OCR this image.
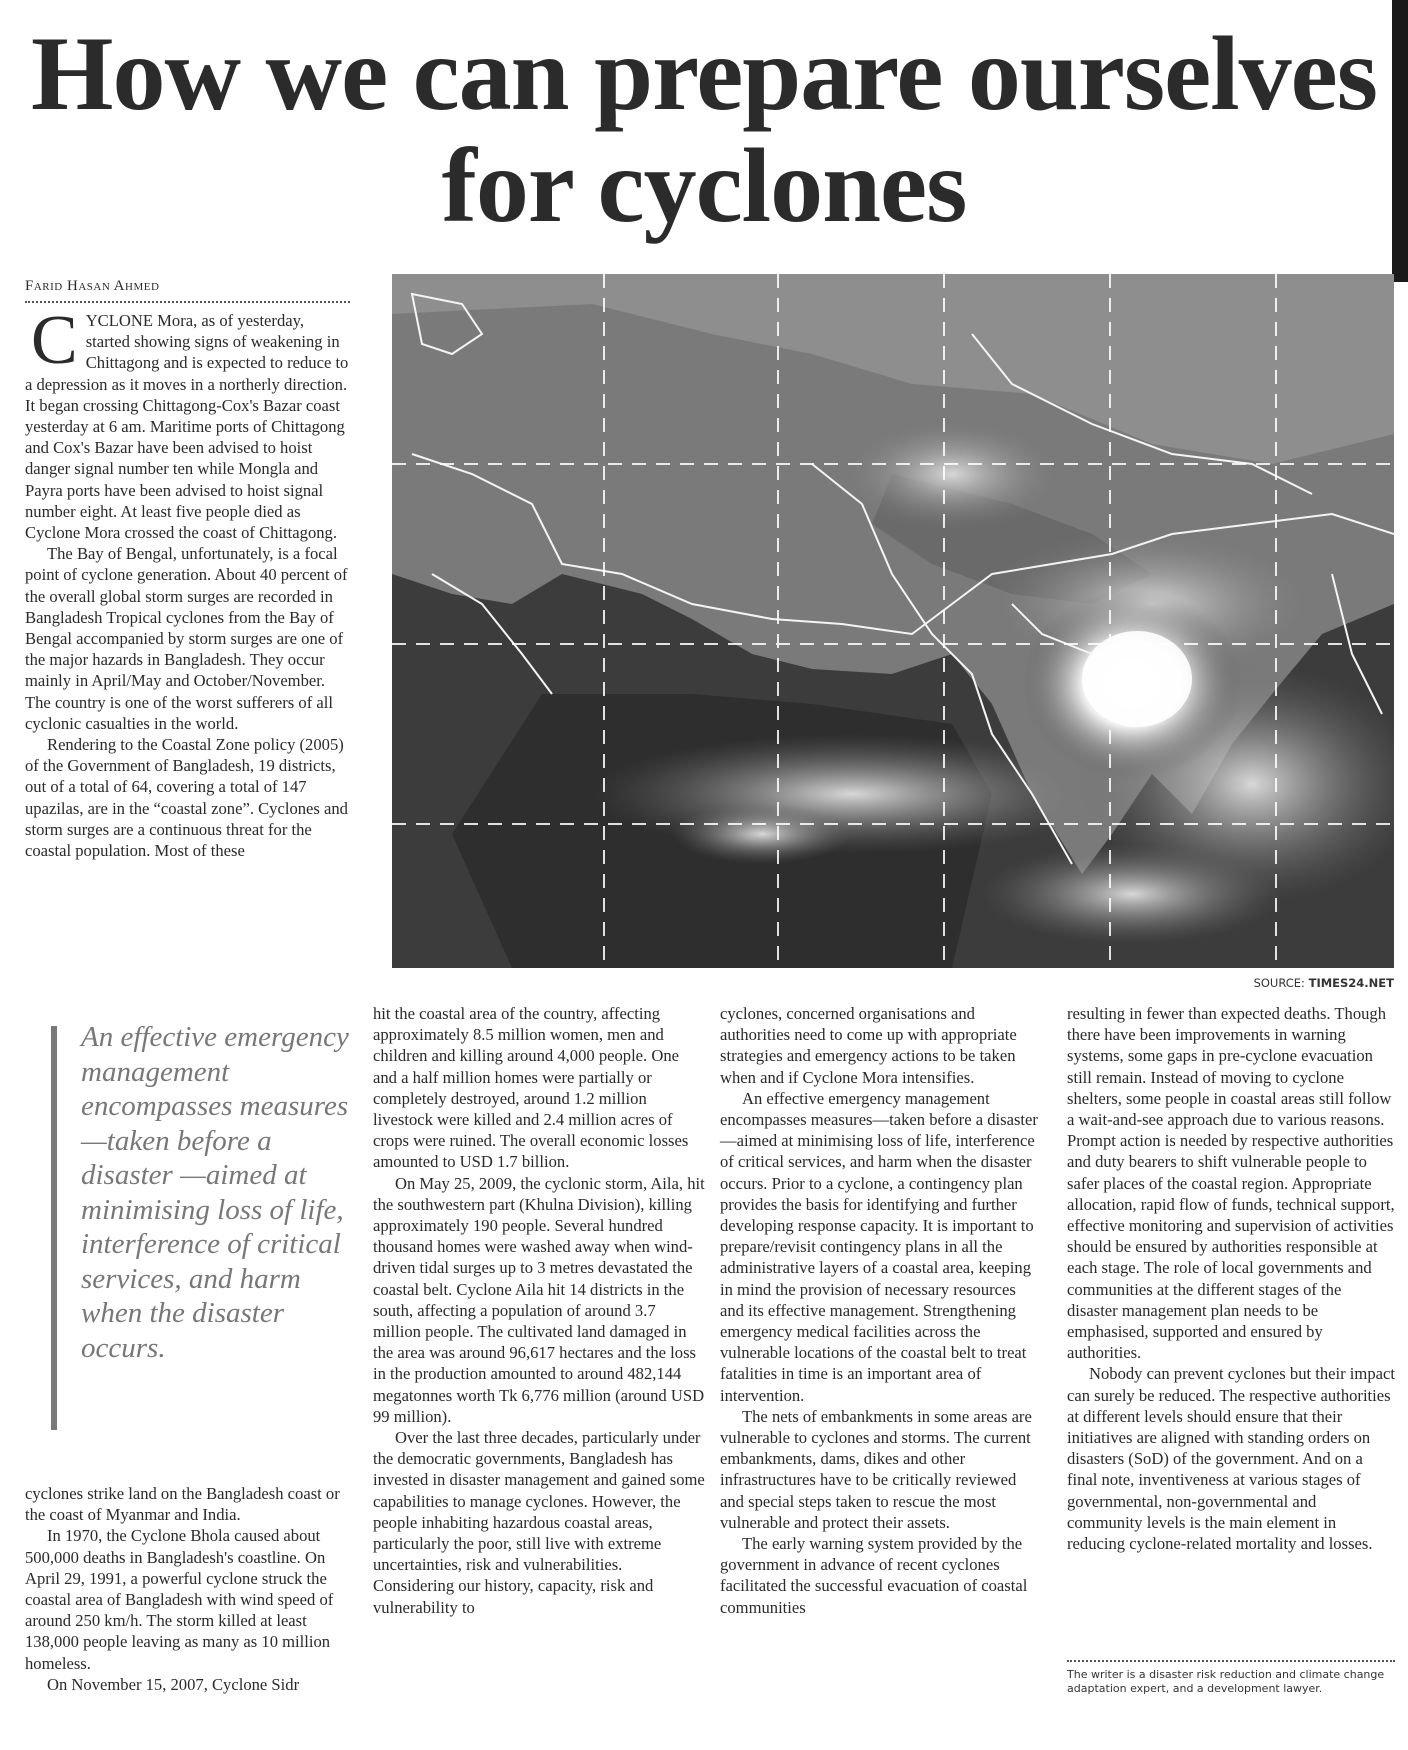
How we can prepare ourselves
for cyclones
Farid Hasan Ahmed

CYCLONE Mora, as of yesterday, started showing signs of weakening in Chittagong and is expected to reduce to a depression as it moves in a northerly direction. It began crossing Chittagong-Cox's Bazar coast yesterday at 6 am. Maritime ports of Chittagong and Cox's Bazar have been advised to hoist danger signal number ten while Mongla and Payra ports have been advised to hoist signal number eight. At least five people died as Cyclone Mora crossed the coast of Chittagong.

The Bay of Bengal, unfortunately, is a focal point of cyclone generation. About 40 percent of the overall global storm surges are recorded in Bangladesh Tropical cyclones from the Bay of Bengal accompanied by storm surges are one of the major hazards in Bangladesh. They occur mainly in April/May and October/November. The country is one of the worst sufferers of all cyclonic casualties in the world.

Rendering to the Coastal Zone policy (2005) of the Government of Bangladesh, 19 districts, out of a total of 64, covering a total of 147 upazilas, are in the “coastal zone”. Cyclones and storm surges are a continuous threat for the coastal population. Most of these

SOURCE: TIMES24.NET
An effective emergency management encompasses measures—taken before a disaster —aimed at minimising loss of life, interference of critical services, and harm when the disaster occurs.

cyclones strike land on the Bangladesh coast or the coast of Myanmar and India.

In 1970, the Cyclone Bhola caused about 500,000 deaths in Bangladesh's coastline. On April 29, 1991, a powerful cyclone struck the coastal area of Bangladesh with wind speed of around 250 km/h. The storm killed at least 138,000 people leaving as many as 10 million homeless.

On November 15, 2007, Cyclone Sidr

hit the coastal area of the country, affecting approximately 8.5 million women, men and children and killing around 4,000 people. One and a half million homes were partially or completely destroyed, around 1.2 million livestock were killed and 2.4 million acres of crops were ruined. The overall economic losses amounted to USD 1.7 billion.

On May 25, 2009, the cyclonic storm, Aila, hit the southwestern part (Khulna Division), killing approximately 190 people. Several hundred thousand homes were washed away when wind-driven tidal surges up to 3 metres devastated the coastal belt. Cyclone Aila hit 14 districts in the south, affecting a population of around 3.7 million people. The cultivated land damaged in the area was around 96,617 hectares and the loss in the production amounted to around 482,144 megatonnes worth Tk 6,776 million (around USD 99 million).

Over the last three decades, particularly under the democratic governments, Bangladesh has invested in disaster management and gained some capabilities to manage cyclones. However, the people inhabiting hazardous coastal areas, particularly the poor, still live with extreme uncertainties, risk and vulnerabilities. Considering our history, capacity, risk and vulnerability to

cyclones, concerned organisations and authorities need to come up with appropriate strategies and emergency actions to be taken when and if Cyclone Mora intensifies.

An effective emergency management encompasses measures—taken before a disaster —aimed at minimising loss of life, interference of critical services, and harm when the disaster occurs. Prior to a cyclone, a contingency plan provides the basis for identifying and further developing response capacity. It is important to prepare/revisit contingency plans in all the administrative layers of a coastal area, keeping in mind the provision of necessary resources and its effective management. Strengthening emergency medical facilities across the vulnerable locations of the coastal belt to treat fatalities in time is an important area of intervention.

The nets of embankments in some areas are vulnerable to cyclones and storms. The current embankments, dams, dikes and other infrastructures have to be critically reviewed and special steps taken to rescue the most vulnerable and protect their assets.

The early warning system provided by the government in advance of recent cyclones facilitated the successful evacuation of coastal communities

resulting in fewer than expected deaths. Though there have been improvements in warning systems, some gaps in pre-cyclone evacuation still remain. Instead of moving to cyclone shelters, some people in coastal areas still follow a wait-and-see approach due to various reasons. Prompt action is needed by respective authorities and duty bearers to shift vulnerable people to safer places of the coastal region. Appropriate allocation, rapid flow of funds, technical support, effective monitoring and supervision of activities should be ensured by authorities responsible at each stage. The role of local governments and communities at the different stages of the disaster management plan needs to be emphasised, supported and ensured by authorities.

Nobody can prevent cyclones but their impact can surely be reduced. The respective authorities at different levels should ensure that their initiatives are aligned with standing orders on disasters (SoD) of the government. And on a final note, inventiveness at various stages of governmental, non-governmental and community levels is the main element in reducing cyclone-related mortality and losses.

The writer is a disaster risk reduction and climate change adaptation expert, and a development lawyer.
